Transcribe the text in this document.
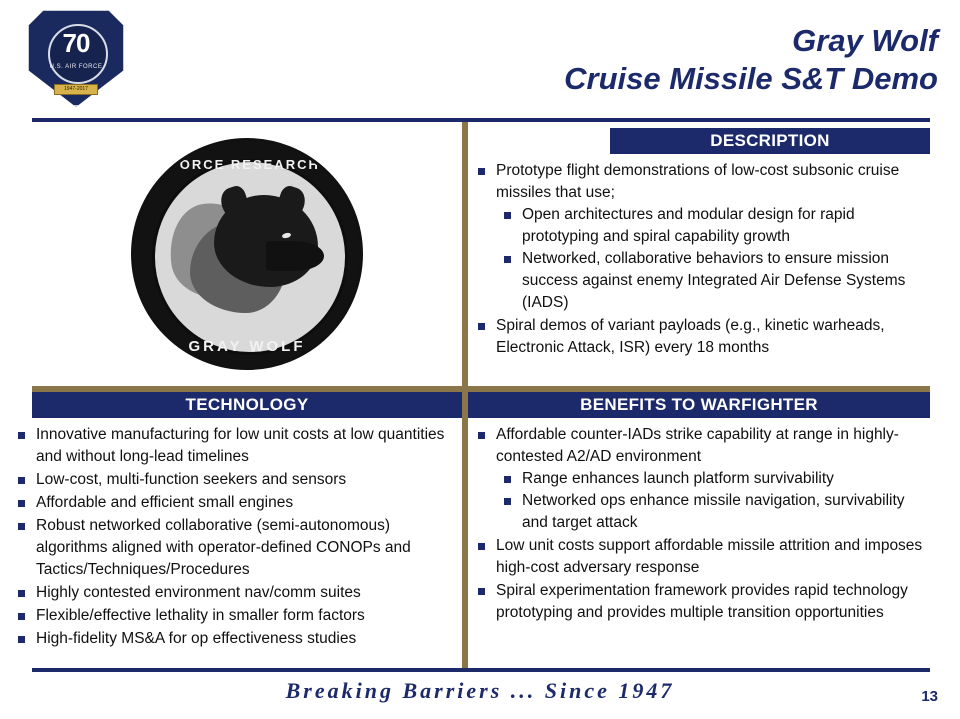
70
U.S. AIR FORCE
1947-2017
Gray Wolf
Cruise Missile S&T Demo
AIR FORCE RESEARCH LAB
GRAY WOLF
DESCRIPTION
Prototype flight demonstrations of low-cost subsonic cruise missiles that use;
Open architectures and modular design for rapid prototyping and spiral capability growth
Networked, collaborative behaviors to ensure mission success against enemy Integrated Air Defense Systems (IADS)
Spiral demos of variant payloads (e.g., kinetic warheads, Electronic Attack, ISR) every 18 months
TECHNOLOGY
Innovative manufacturing for low unit costs at low quantities and without long-lead timelines
Low-cost, multi-function seekers and sensors
Affordable and efficient small engines
Robust networked collaborative (semi-autonomous) algorithms aligned with operator-defined CONOPs and Tactics/Techniques/Procedures
Highly contested environment nav/comm suites
Flexible/effective lethality in smaller form factors
High-fidelity MS&A for op effectiveness studies
BENEFITS TO WARFIGHTER
Affordable counter-IADs strike capability at range in highly-contested A2/AD environment
Range enhances launch platform survivability
Networked ops enhance missile navigation, survivability and target attack
Low unit costs support affordable missile attrition and imposes high-cost adversary response
Spiral experimentation framework provides rapid technology prototyping and provides multiple transition opportunities
Breaking Barriers ... Since 1947	13
